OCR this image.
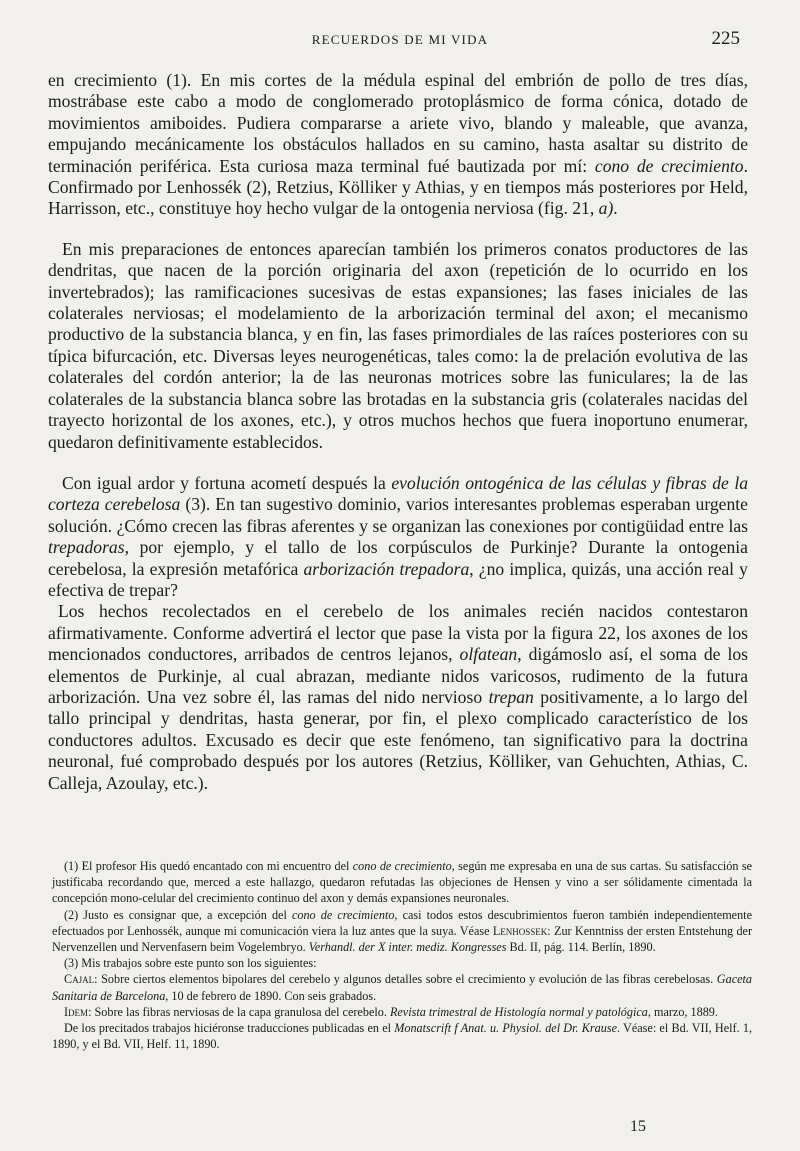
RECUERDOS DE MI VIDA	225

en crecimiento (1). En mis cortes de la médula espinal del embrión de pollo de tres días, mostrábase este cabo a modo de conglomerado protoplásmico de forma cónica, dotado de movimientos amiboides. Pudiera compararse a ariete vivo, blando y maleable, que avanza, empujando mecánicamente los obstáculos hallados en su camino, hasta asaltar su distrito de terminación periférica. Esta curiosa maza terminal fué bautizada por mí: cono de crecimiento. Confirmado por Lenhossék (2), Retzius, Kölliker y Athias, y en tiempos más posteriores por Held, Harrisson, etc., constituye hoy hecho vulgar de la ontogenia nerviosa (fig. 21, a).

En mis preparaciones de entonces aparecían también los primeros conatos productores de las dendritas, que nacen de la porción originaria del axon (repetición de lo ocurrido en los invertebrados); las ramificaciones sucesivas de estas expansiones; las fases iniciales de las colaterales nerviosas; el modelamiento de la arborización terminal del axon; el mecanismo productivo de la substancia blanca, y en fin, las fases primordiales de las raíces posteriores con su típica bifurcación, etc. Diversas leyes neurogenéticas, tales como: la de prelación evolutiva de las colaterales del cordón anterior; la de las neuronas motrices sobre las funiculares; la de las colaterales de la substancia blanca sobre las brotadas en la substancia gris (colaterales nacidas del trayecto horizontal de los axones, etc.), y otros muchos hechos que fuera inoportuno enumerar, quedaron definitivamente establecidos.

Con igual ardor y fortuna acometí después la evolución ontogénica de las células y fibras de la corteza cerebelosa (3). En tan sugestivo dominio, varios interesantes problemas esperaban urgente solución. ¿Cómo crecen las fibras aferentes y se organizan las conexiones por contigüidad entre las trepadoras, por ejemplo, y el tallo de los corpúsculos de Purkinje? Durante la ontogenia cerebelosa, la expresión metafórica arborización trepadora, ¿no implica, quizás, una acción real y efectiva de trepar?

Los hechos recolectados en el cerebelo de los animales recién nacidos contestaron afirmativamente. Conforme advertirá el lector que pase la vista por la figura 22, los axones de los mencionados conductores, arribados de centros lejanos, olfatean, digámoslo así, el soma de los elementos de Purkinje, al cual abrazan, mediante nidos varicosos, rudimento de la futura arborización. Una vez sobre él, las ramas del nido nervioso trepan positivamente, a lo largo del tallo principal y dendritas, hasta generar, por fin, el plexo complicado característico de los conductores adultos. Excusado es decir que este fenómeno, tan significativo para la doctrina neuronal, fué comprobado después por los autores (Retzius, Kölliker, van Gehuchten, Athias, C. Calleja, Azoulay, etc.).

(1) El profesor His quedó encantado con mi encuentro del cono de crecimiento, según me expresaba en una de sus cartas. Su satisfacción se justificaba recordando que, merced a este hallazgo, quedaron refutadas las objeciones de Hensen y vino a ser sólidamente cimentada la concepción mono-celular del crecimiento continuo del axon y demás expansiones neuronales.

(2) Justo es consignar que, a excepción del cono de crecimiento, casi todos estos descubrimientos fueron también independientemente efectuados por Lenhossék, aunque mi comunicación viera la luz antes que la suya. Véase Lenhossek: Zur Kenntniss der ersten Entstehung der Nervenzellen und Nervenfasern beim Vogelembryo. Verhandl. der X inter. mediz. Kongresses Bd. II, pág. 114. Berlín, 1890.

(3) Mis trabajos sobre este punto son los siguientes:

Cajal: Sobre ciertos elementos bipolares del cerebelo y algunos detalles sobre el crecimiento y evolución de las fibras cerebelosas. Gaceta Sanitaria de Barcelona, 10 de febrero de 1890. Con seis grabados.

Idem: Sobre las fibras nerviosas de la capa granulosa del cerebelo. Revista trimestral de Histología normal y patológica, marzo, 1889.

De los precitados trabajos hiciéronse traducciones publicadas en el Monatscrift f Anat. u. Physiol. del Dr. Krause. Véase: el Bd. VII, Helf. 1, 1890, y el Bd. VII, Helf. 11, 1890.

15
